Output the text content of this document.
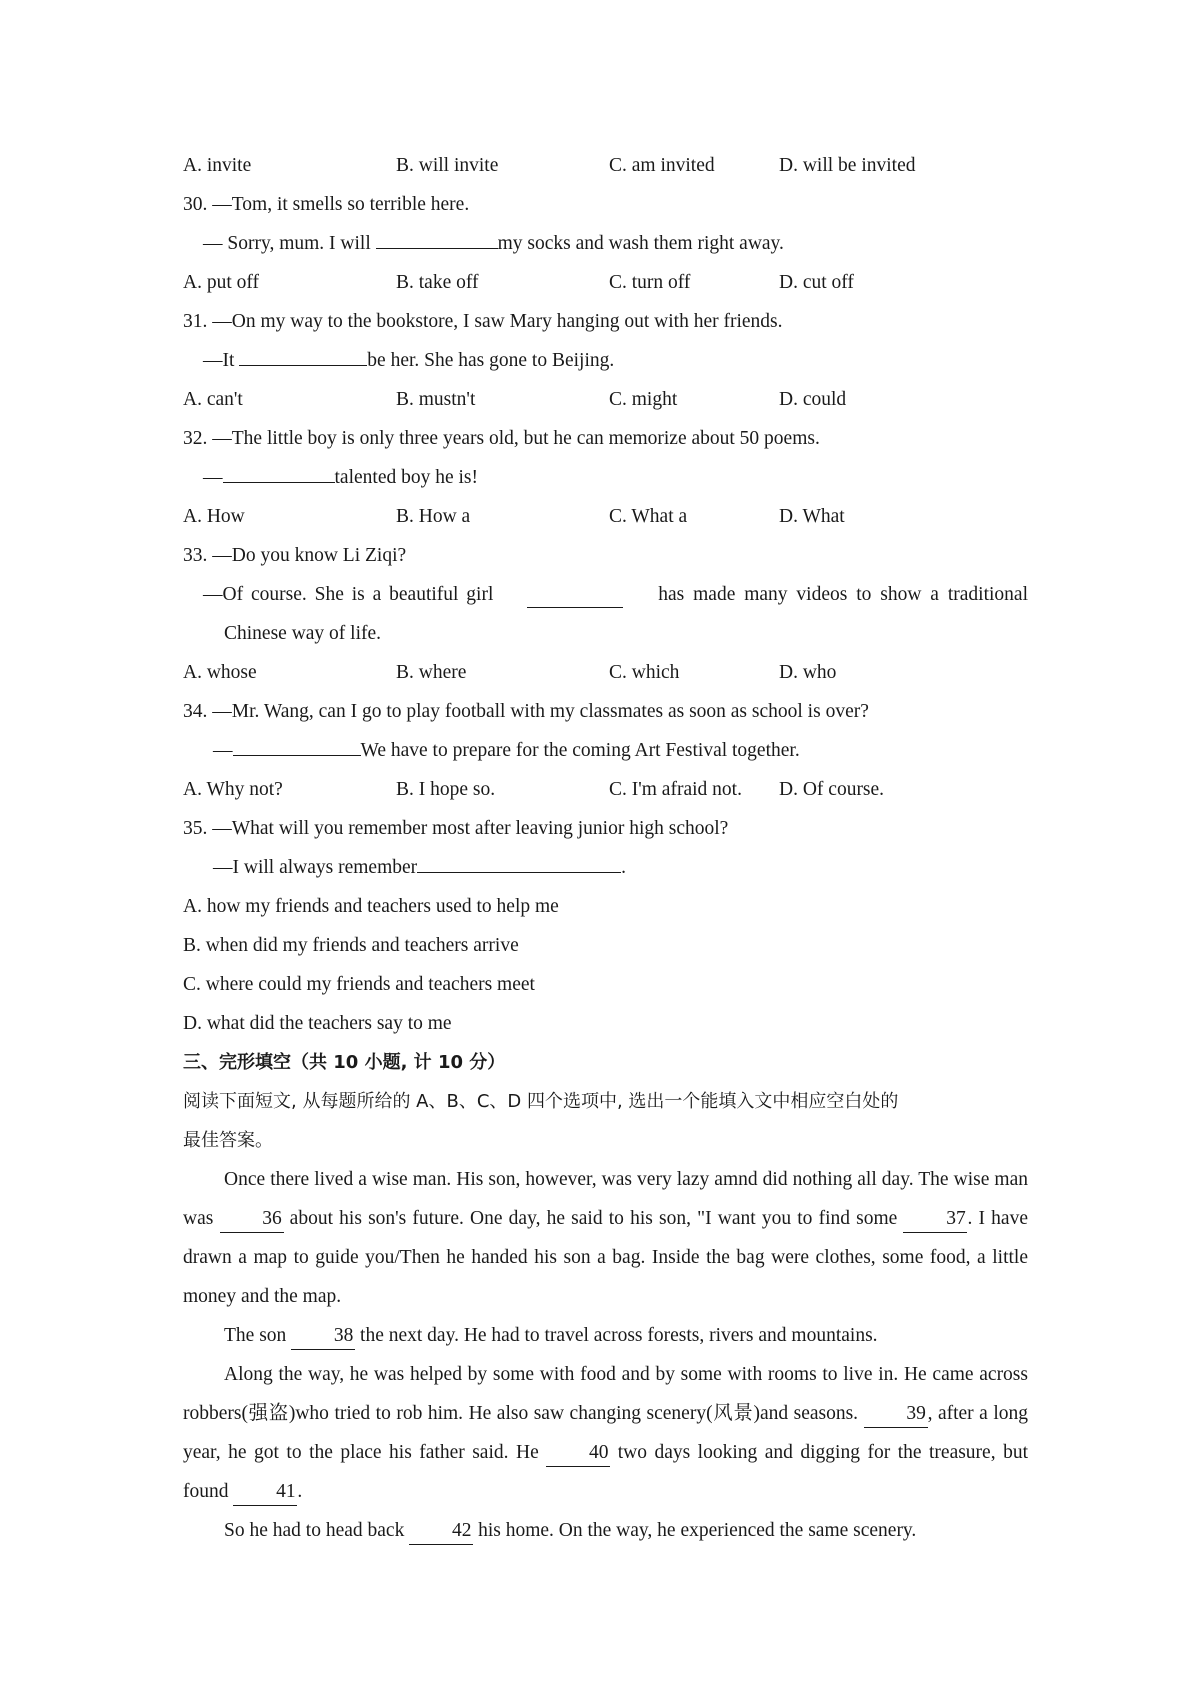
A. invite	B. will invite	C. am invited	D. will be invited
30. —Tom, it smells so terrible here.
— Sorry, mum. I will	my socks and wash them right away.
A. put off	B. take off	C. turn off	D. cut off
31. —On my way to the bookstore, I saw Mary hanging out with her friends.
—It	be her. She has gone to Beijing.
A. can't	B. mustn't	C. might	D. could
32. —The little boy is only three years old, but he can memorize about 50 poems.
—	talented boy he is!
A. How	B. How a	C. What a	D. What
33. —Do you know Li Ziqi?
—Of course. She is a beautiful girl	has made many videos to show a traditional
Chinese way of life.
A. whose	B. where	C. which	D. who
34. —Mr. Wang, can I go to play football with my classmates as soon as school is over?
—	We have to prepare for the coming Art Festival together.
A. Why not?	B. I hope so.	C. I'm afraid not. D. Of course.
35. —What will you remember most after leaving junior high school?
—I will always remember	.
A. how my friends and teachers used to help me
B. when did my friends and teachers arrive
C. where could my friends and teachers meet
D. what did the teachers say to me
三、完形填空（共 10 小题, 计 10 分）
阅读下面短文, 从每题所给的 A、B、C、D 四个选项中, 选出一个能填入文中相应空白处的
最佳答案。
Once there lived a wise man. His son, however, was very lazy amnd did nothing all day. The wise man was 36 about his son's future. One day, he said to his son, "I want you to find some 37. I have drawn a map to guide you/Then he handed his son a bag. Inside the bag were clothes, some food, a little money and the map.
The son 38 the next day. He had to travel across forests, rivers and mountains.
Along the way, he was helped by some with food and by some with rooms to live in. He came across robbers(强盗)who tried to rob him. He also saw changing scenery(风景)and seasons. 39, after a long year, he got to the place his father said. He 40 two days looking and digging for the treasure, but found 41.
So he had to head back 42 his home. On the way, he experienced the same scenery.
